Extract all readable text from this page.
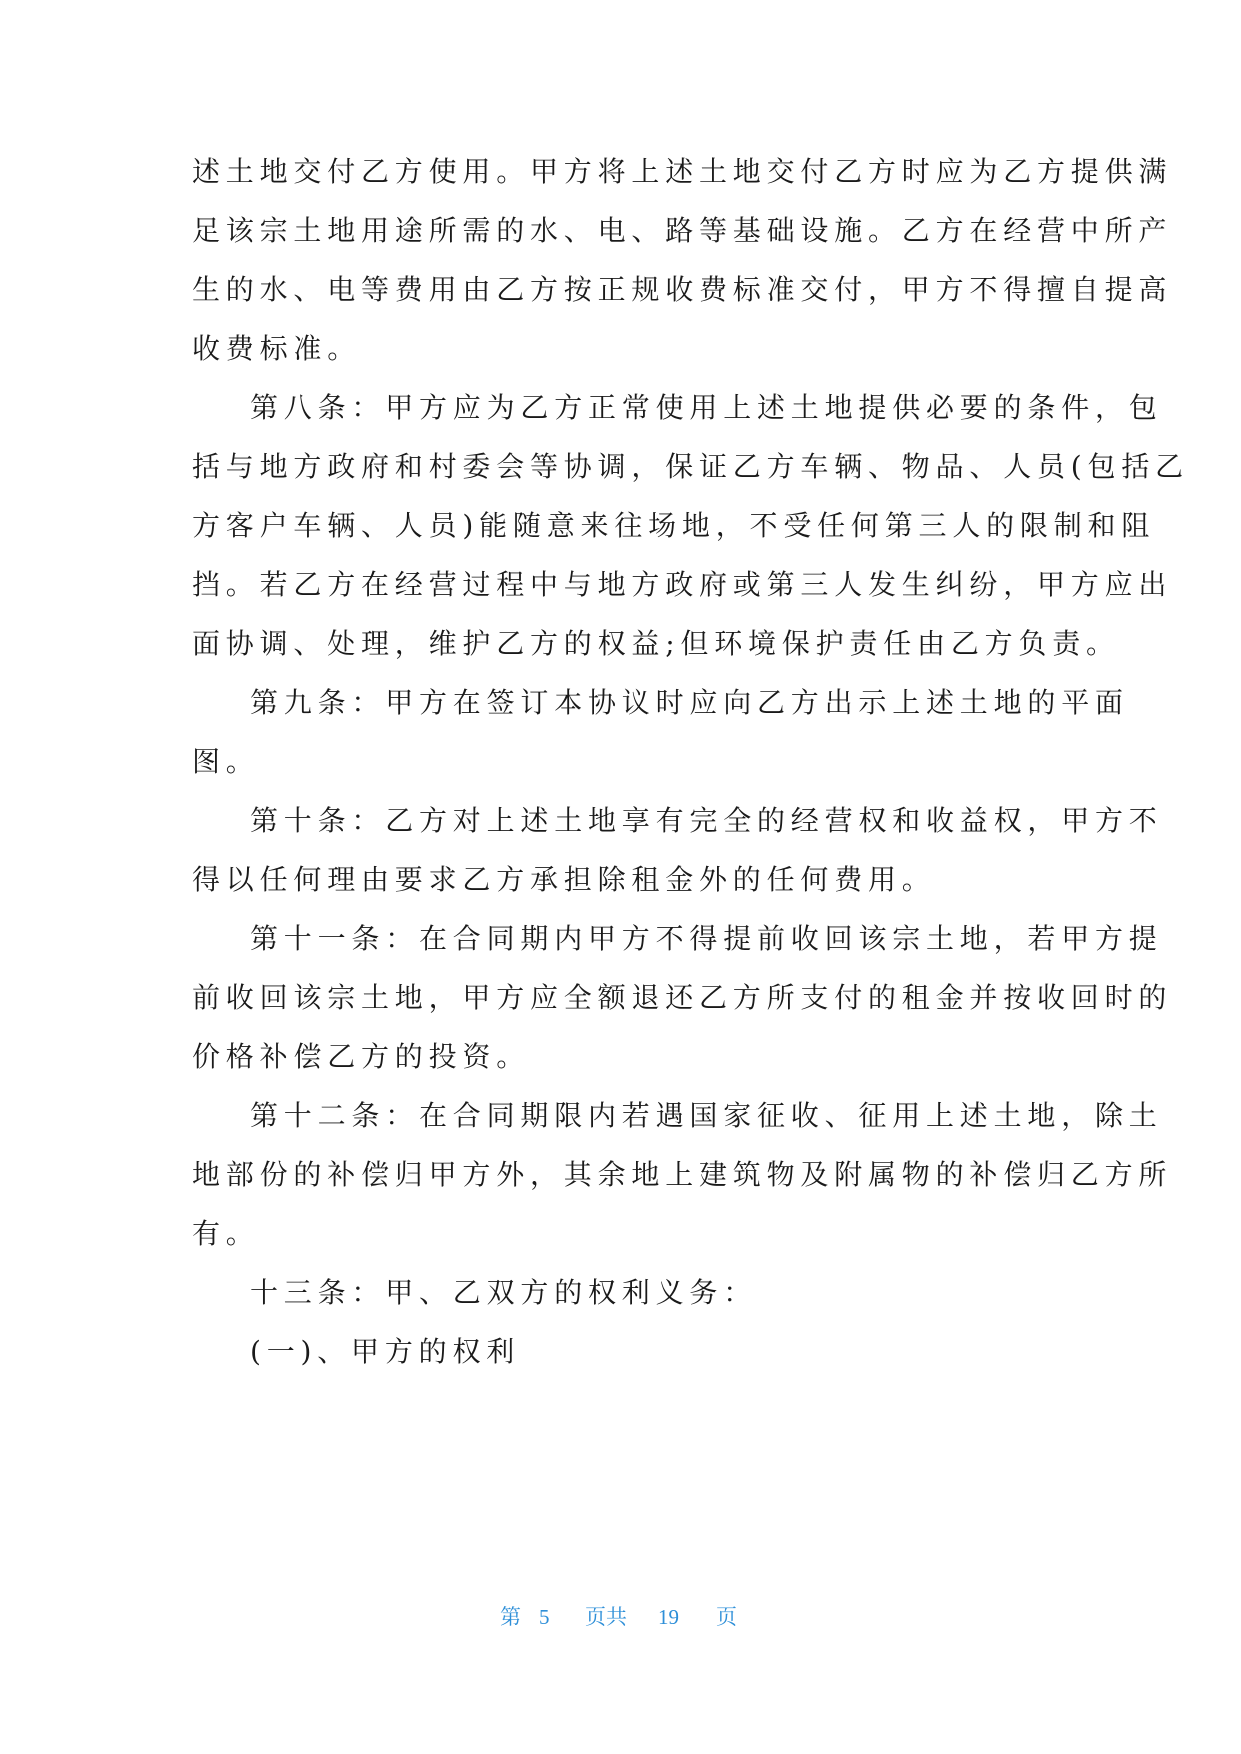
述土地交付乙方使用。甲方将上述土地交付乙方时应为乙方提供满
足该宗土地用途所需的水、电、路等基础设施。乙方在经营中所产
生的水、电等费用由乙方按正规收费标准交付，甲方不得擅自提高
收费标准。
第八条：甲方应为乙方正常使用上述土地提供必要的条件，包
括与地方政府和村委会等协调，保证乙方车辆、物品、人员(包括乙
方客户车辆、人员)能随意来往场地，不受任何第三人的限制和阻
挡。若乙方在经营过程中与地方政府或第三人发生纠纷，甲方应出
面协调、处理，维护乙方的权益;但环境保护责任由乙方负责。
第九条：甲方在签订本协议时应向乙方出示上述土地的平面
图。
第十条：乙方对上述土地享有完全的经营权和收益权，甲方不
得以任何理由要求乙方承担除租金外的任何费用。
第十一条：在合同期内甲方不得提前收回该宗土地，若甲方提
前收回该宗土地，甲方应全额退还乙方所支付的租金并按收回时的
价格补偿乙方的投资。
第十二条：在合同期限内若遇国家征收、征用上述土地，除土
地部份的补偿归甲方外，其余地上建筑物及附属物的补偿归乙方所
有。
十三条：甲、乙双方的权利义务：
(一)、甲方的权利
第 5 页共 19 页
